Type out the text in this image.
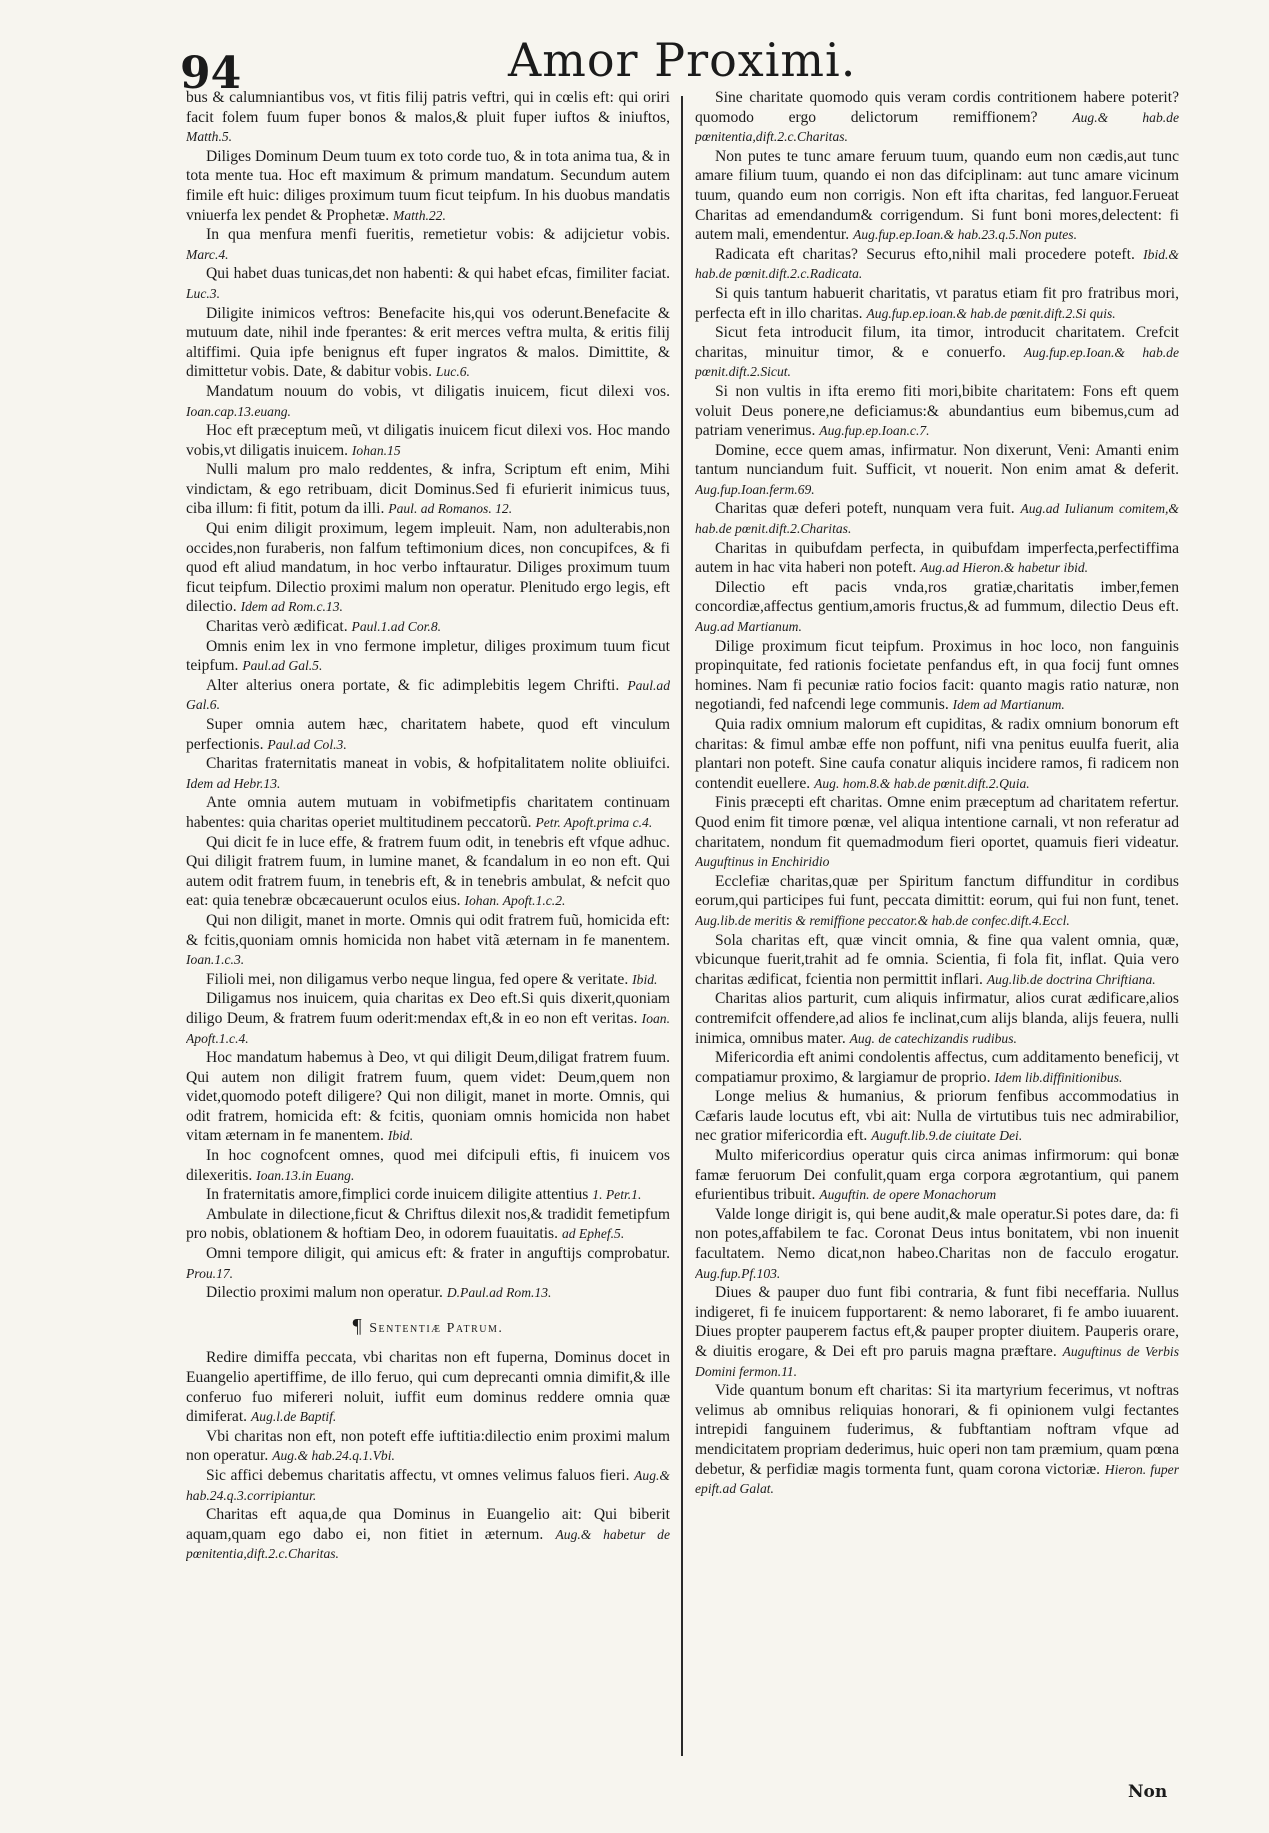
94	Amor Proximi.

bus & calumniantibus vos, vt fitis filij patris veftri, qui in cœlis eft: qui oriri facit folem fuum fuper bonos & malos,& pluit fuper iuftos & iniuftos, Matth.5.

Diliges Dominum Deum tuum ex toto corde tuo, & in tota anima tua, & in tota mente tua. Hoc eft maximum & primum mandatum. Secundum autem fimile eft huic: diliges proximum tuum ficut teipfum. In his duobus mandatis vniuerfa lex pendet & Prophetæ. Matth.22.

In qua menfura menfi fueritis, remetietur vobis: & adijcietur vobis. Marc.4.

Qui habet duas tunicas,det non habenti: & qui habet efcas, fimiliter faciat. Luc.3.

Diligite inimicos veftros: Benefacite his,qui vos oderunt.Benefacite & mutuum date, nihil inde fperantes: & erit merces veftra multa, & eritis filij altiffimi. Quia ipfe benignus eft fuper ingratos & malos. Dimittite, & dimittetur vobis. Date, & dabitur vobis. Luc.6.

Mandatum nouum do vobis, vt diligatis inuicem, ficut dilexi vos. Ioan.cap.13.euang.

Hoc eft præceptum meũ, vt diligatis inuicem ficut dilexi vos. Hoc mando vobis,vt diligatis inuicem. Iohan.15

Nulli malum pro malo reddentes, & infra, Scriptum eft enim, Mihi vindictam, & ego retribuam, dicit Dominus.Sed fi efurierit inimicus tuus, ciba illum: fi fitit, potum da illi. Paul. ad Romanos. 12.

Qui enim diligit proximum, legem impleuit. Nam, non adulterabis,non occides,non furaberis, non falfum teftimonium dices, non concupifces, & fi quod eft aliud mandatum, in hoc verbo inftauratur. Diliges proximum tuum ficut teipfum. Dilectio proximi malum non operatur. Plenitudo ergo legis, eft dilectio. Idem ad Rom.c.13.

Charitas verò ædificat. Paul.1.ad Cor.8.

Omnis enim lex in vno fermone impletur, diliges proximum tuum ficut teipfum. Paul.ad Gal.5.

Alter alterius onera portate, & fic adimplebitis legem Chrifti. Paul.ad Gal.6.

Super omnia autem hæc, charitatem habete, quod eft vinculum perfectionis. Paul.ad Col.3.

Charitas fraternitatis maneat in vobis, & hofpitalitatem nolite obliuifci. Idem ad Hebr.13.

Ante omnia autem mutuam in vobifmetipfis charitatem continuam habentes: quia charitas operiet multitudinem peccatorũ. Petr. Apoft.prima c.4.

Qui dicit fe in luce effe, & fratrem fuum odit, in tenebris eft vfque adhuc. Qui diligit fratrem fuum, in lumine manet, & fcandalum in eo non eft. Qui autem odit fratrem fuum, in tenebris eft, & in tenebris ambulat, & nefcit quo eat: quia tenebræ obcæcauerunt oculos eius. Iohan. Apoft.1.c.2.

Qui non diligit, manet in morte. Omnis qui odit fratrem fuũ, homicida eft: & fcitis,quoniam omnis homicida non habet vitã æternam in fe manentem. Ioan.1.c.3.

Filioli mei, non diligamus verbo neque lingua, fed opere & veritate. Ibid.

Diligamus nos inuicem, quia charitas ex Deo eft.Si quis dixerit,quoniam diligo Deum, & fratrem fuum oderit:mendax eft,& in eo non eft veritas. Ioan. Apoft.1.c.4.

Hoc mandatum habemus à Deo, vt qui diligit Deum,diligat fratrem fuum. Qui autem non diligit fratrem fuum, quem videt: Deum,quem non videt,quomodo poteft diligere? Qui non diligit, manet in morte. Omnis, qui odit fratrem, homicida eft: & fcitis, quoniam omnis homicida non habet vitam æternam in fe manentem. Ibid.

In hoc cognofcent omnes, quod mei difcipuli eftis, fi inuicem vos dilexeritis. Ioan.13.in Euang.

In fraternitatis amore,fimplici corde inuicem diligite attentius 1. Petr.1.

Ambulate in dilectione,ficut & Chriftus dilexit nos,& tradidit femetipfum pro nobis, oblationem & hoftiam Deo, in odorem fuauitatis. ad Ephef.5.

Omni tempore diligit, qui amicus eft: & frater in anguftijs comprobatur. Prou.17.

Dilectio proximi malum non operatur. D.Paul.ad Rom.13.

¶ Sententiæ Patrum.

Redire dimiffa peccata, vbi charitas non eft fuperna, Dominus docet in Euangelio apertiffime, de illo feruo, qui cum deprecanti omnia dimifit,& ille conferuo fuo mifereri noluit, iuffit eum dominus reddere omnia quæ dimiferat. Aug.l.de Baptif.

Vbi charitas non eft, non poteft effe iuftitia:dilectio enim proximi malum non operatur. Aug.& hab.24.q.1.Vbi.

Sic affici debemus charitatis affectu, vt omnes velimus faluos fieri. Aug.& hab.24.q.3.corripiantur.

Charitas eft aqua,de qua Dominus in Euangelio ait: Qui biberit aquam,quam ego dabo ei, non fitiet in æternum. Aug.& habetur de pœnitentia,dift.2.c.Charitas.

Sine charitate quomodo quis veram cordis contritionem habere poterit? quomodo ergo delictorum remiffionem?	Aug.& hab.de pœnitentia,dift.2.c.Charitas.

Non putes te tunc amare feruum tuum, quando eum non cædis,aut tunc amare filium tuum, quando ei non das difciplinam: aut tunc amare vicinum tuum, quando eum non corrigis. Non eft ifta charitas, fed languor.Ferueat Charitas ad emendandum& corrigendum. Si funt boni mores,delectent: fi autem mali, emendentur. Aug.fup.ep.Ioan.& hab.23.q.5.Non putes.

Radicata eft charitas? Securus efto,nihil mali procedere poteft. Ibid.& hab.de pœnit.dift.2.c.Radicata.

Si quis tantum habuerit charitatis, vt paratus etiam fit pro fratribus mori, perfecta eft in illo charitas. Aug.fup.ep.ioan.& hab.de pœnit.dift.2.Si quis.

Sicut feta introducit filum, ita timor, introducit charitatem. Crefcit charitas, minuitur timor, & e conuerfo. Aug.fup.ep.Ioan.& hab.de pœnit.dift.2.Sicut.

Si non vultis in ifta eremo fiti mori,bibite charitatem: Fons eft quem voluit Deus ponere,ne deficiamus:& abundantius eum bibemus,cum ad patriam venerimus. Aug.fup.ep.Ioan.c.7.

Domine, ecce quem amas, infirmatur. Non dixerunt, Veni: Amanti enim tantum nunciandum fuit. Sufficit, vt nouerit. Non enim amat & deferit. Aug.fup.Ioan.ferm.69.

Charitas quæ deferi poteft, nunquam vera fuit. Aug.ad Iulianum comitem,& hab.de pœnit.dift.2.Charitas.

Charitas in quibufdam perfecta, in quibufdam imperfecta,perfectiffima autem in hac vita haberi non poteft. Aug.ad Hieron.& habetur ibid.

Dilectio eft pacis vnda,ros gratiæ,charitatis imber,femen concordiæ,affectus gentium,amoris fructus,& ad fummum, dilectio Deus eft. Aug.ad Martianum.

Dilige proximum ficut teipfum. Proximus in hoc loco, non fanguinis propinquitate, fed rationis focietate penfandus eft, in qua focij funt omnes homines. Nam fi pecuniæ ratio focios facit: quanto magis ratio naturæ, non negotiandi, fed nafcendi lege communis. Idem ad Martianum.

Quia radix omnium malorum eft cupiditas, & radix omnium bonorum eft charitas: & fimul ambæ effe non poffunt, nifi vna penitus euulfa fuerit, alia plantari non poteft. Sine caufa conatur aliquis incidere ramos, fi radicem non contendit euellere. Aug. hom.8.& hab.de pœnit.dift.2.Quia.

Finis præcepti eft charitas. Omne enim præceptum ad charitatem refertur. Quod enim fit timore pœnæ, vel aliqua intentione carnali, vt non referatur ad charitatem, nondum fit quemadmodum fieri oportet, quamuis fieri videatur. Auguftinus in Enchiridio

Ecclefiæ charitas,quæ per Spiritum fanctum diffunditur in cordibus eorum,qui participes fui funt, peccata dimittit: eorum, qui fui non funt, tenet. Aug.lib.de meritis & remiffione peccator.& hab.de confec.dift.4.Eccl.

Sola charitas eft, quæ vincit omnia, & fine qua valent omnia, quæ, vbicunque fuerit,trahit ad fe omnia. Scientia, fi fola fit, inflat. Quia vero charitas ædificat, fcientia non permittit inflari. Aug.lib.de doctrina Chriftiana.

Charitas alios parturit, cum aliquis infirmatur, alios curat ædificare,alios contremifcit offendere,ad alios fe inclinat,cum alijs blanda, alijs feuera, nulli inimica, omnibus mater. Aug. de catechizandis rudibus.

Mifericordia eft animi condolentis affectus, cum additamento beneficij, vt compatiamur proximo, & largiamur de proprio. Idem lib.diffinitionibus.

Longe melius & humanius, & priorum fenfibus accommodatius in Cæfaris laude locutus eft, vbi ait: Nulla de virtutibus tuis nec admirabilior, nec gratior mifericordia eft. Auguft.lib.9.de ciuitate Dei.

Multo mifericordius operatur quis circa animas infirmorum: qui bonæ famæ feruorum Dei confulit,quam erga corpora ægrotantium, qui panem efurientibus tribuit. Auguftin. de opere Monachorum

Valde longe dirigit is, qui bene audit,& male operatur.Si potes dare, da: fi non potes,affabilem te fac. Coronat Deus intus bonitatem, vbi non inuenit facultatem. Nemo dicat,non habeo.Charitas non de facculo erogatur. Aug.fup.Pf.103.

Diues & pauper duo funt fibi contraria, & funt fibi neceffaria. Nullus indigeret, fi fe inuicem fupportarent: & nemo laboraret, fi fe ambo iuuarent. Diues propter pauperem factus eft,& pauper propter diuitem. Pauperis orare, & diuitis erogare, & Dei eft pro paruis magna præftare. Auguftinus de Verbis Domini fermon.11.

Vide quantum bonum eft charitas: Si ita martyrium fecerimus, vt noftras velimus ab omnibus reliquias honorari, & fi opinionem vulgi fectantes intrepidi fanguinem fuderimus, & fubftantiam noftram vfque ad mendicitatem propriam dederimus, huic operi non tam præmium, quam pœna debetur, & perfidiæ magis tormenta funt, quam corona victoriæ. Hieron. fuper epift.ad Galat.

Non
